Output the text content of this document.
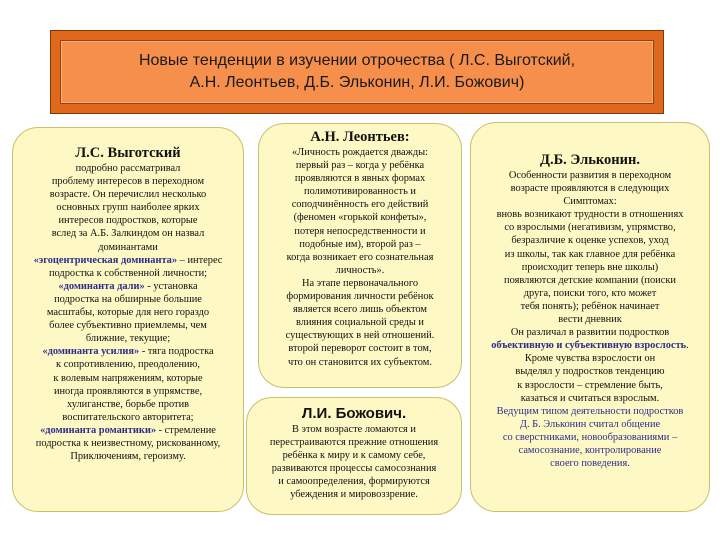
Новые тенденции в изучении отрочества ( Л.С. Выготский,
А.Н. Леонтьев, Д.Б. Эльконин, Л.И. Божович)
Л.С. Выготский
подробно рассматривал
проблему интересов в переходном
возрасте. Он перечислил несколько
основных групп наиболее ярких
интересов подростков, которые
вслед за А.Б. Залкиндом он назвал
доминантами
«эгоцентрическая доминанта» – интерес
подростка к собственной личности;
«доминанта дали» - установка
подростка на обширные большие
масштабы, которые для него гораздо
более субъективно приемлемы, чем
ближние, текущие;
«доминанта усилия» - тяга подростка
к сопротивлению, преодолению,
к волевым напряжениям, которые
иногда проявляются в упрямстве,
хулиганстве, борьбе против
воспитательского авторитета;
«доминанта романтики» - стремление
подростка к неизвестному, рискованному,
Приключениям, героизму.
А.Н. Леонтьев:
«Личность рождается дважды:
первый раз – когда у ребёнка
проявляются в явных формах
полимотивированность и
соподчинённость его действий
(феномен «горькой конфеты»,
потеря непосредственности и
подобные им), второй раз –
когда возникает его сознательная
личность».
На этапе первоначального
формирования личности ребёнок
является всего лишь объектом
влияния социальной среды и
существующих в ней отношений.
второй переворот состоит в том,
что он становится их субъектом.
Л.И. Божович.
В этом возрасте ломаются и
перестраиваются прежние отношения
ребёнка к миру и к самому себе,
развиваются процессы самосознания
и самоопределения, формируются
убеждения и мировоззрение.
Д.Б. Эльконин.
Особенности развития в переходном
возрасте проявляются в следующих
Симптомах:
вновь возникают трудности в отношениях
со взрослыми (негативизм, упрямство,
безразличие к оценке успехов, уход
из школы, так как главное для ребёнка
происходит теперь вне школы)
появляются детские компании (поиски
друга, поиски того, кто может
тебя понять); ребёнок начинает
вести дневник
Он различал в развитии подростков
объективную и субъективную взрослость.
Кроме чувства взрослости он
выделял у подростков тенденцию
к взрослости – стремление быть,
казаться и считаться взрослым.
Ведущим типом деятельности подростков
Д. Б. Эльконин считал общение
со сверстниками, новообразованиями –
самосознание, контролирование
своего поведения.
